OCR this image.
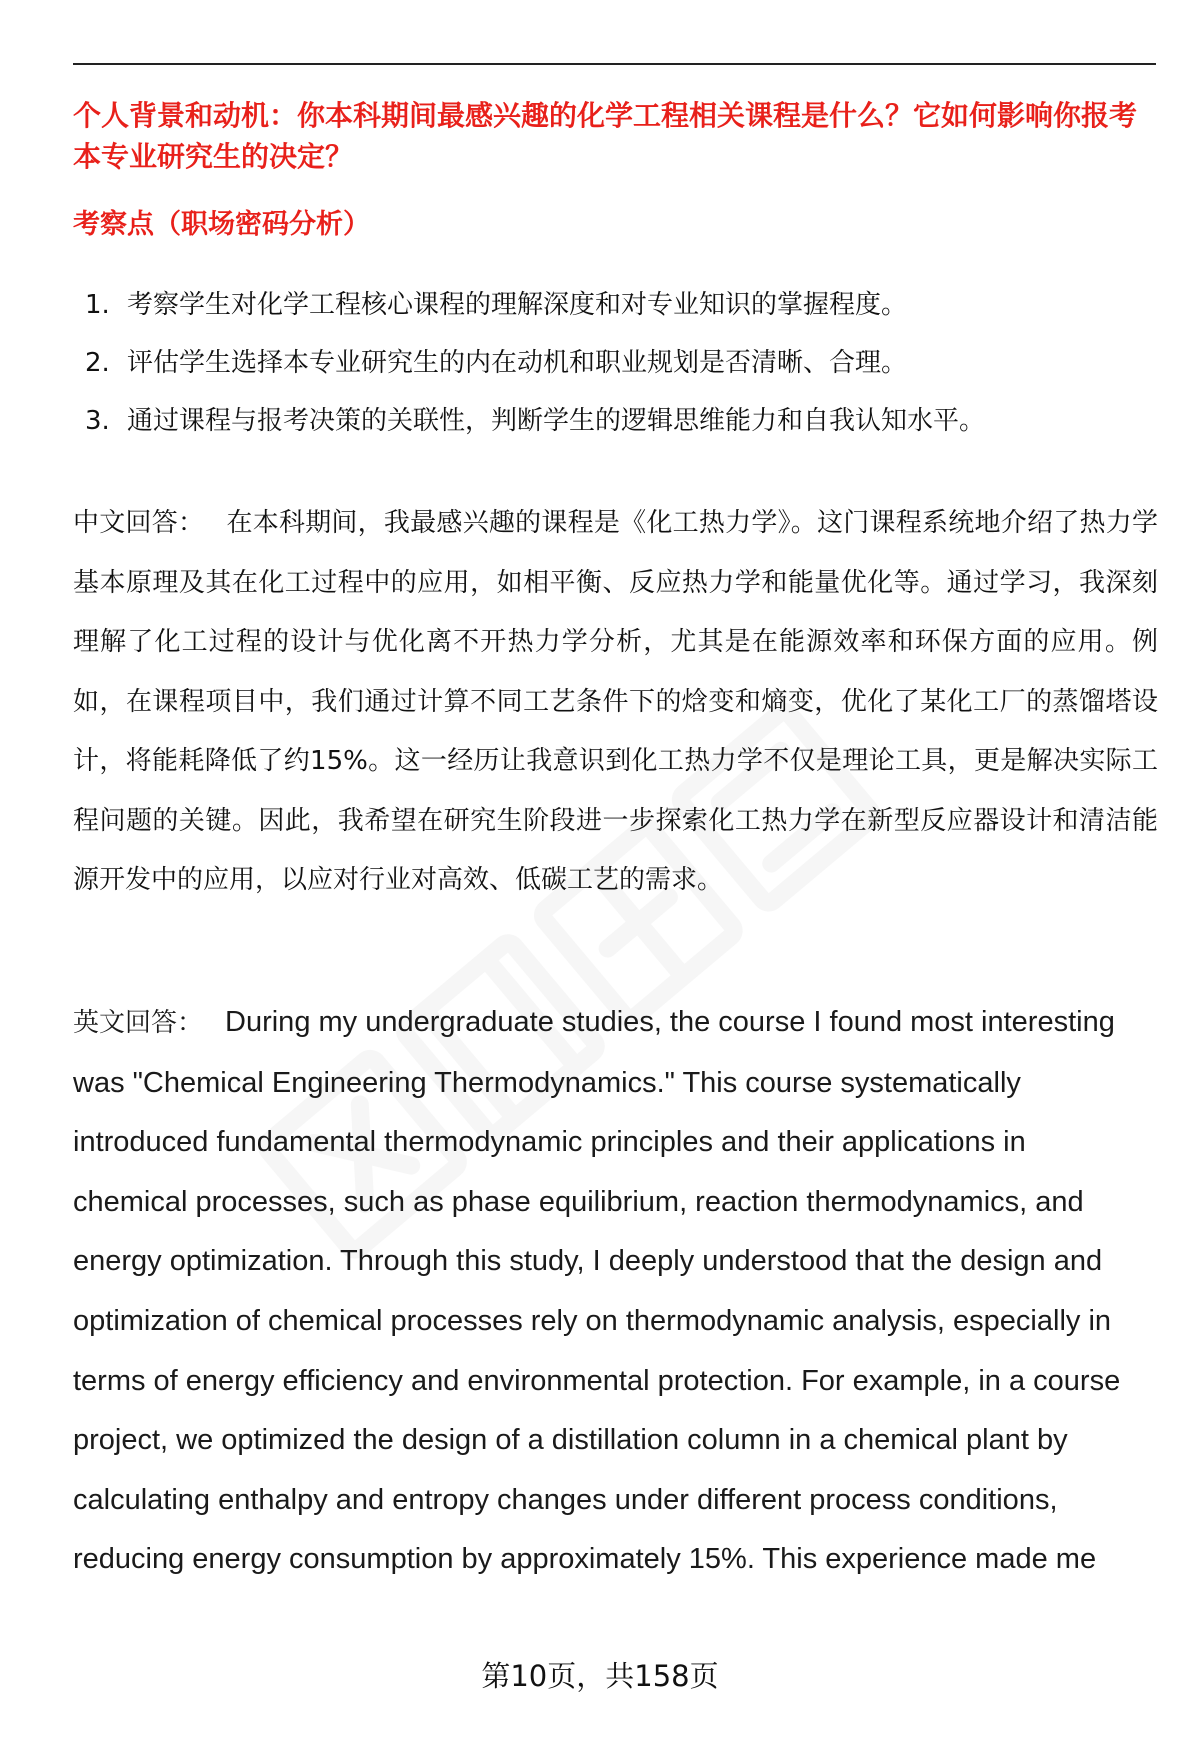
个人背景和动机：你本科期间最感兴趣的化学工程相关课程是什么？它如何影响你报考本专业研究生的决定？
考察点（职场密码分析）
1. 考察学生对化学工程核心课程的理解深度和对专业知识的掌握程度。
2. 评估学生选择本专业研究生的内在动机和职业规划是否清晰、合理。
3. 通过课程与报考决策的关联性，判断学生的逻辑思维能力和自我认知水平。

中文回答： 在本科期间，我最感兴趣的课程是《化工热力学》。这门课程系统地介绍了热力学基本原理及其在化工过程中的应用，如相平衡、反应热力学和能量优化等。通过学习，我深刻理解了化工过程的设计与优化离不开热力学分析，尤其是在能源效率和环保方面的应用。例如，在课程项目中，我们通过计算不同工艺条件下的焓变和熵变，优化了某化工厂的蒸馏塔设计，将能耗降低了约15%。这一经历让我意识到化工热力学不仅是理论工具，更是解决实际工程问题的关键。因此，我希望在研究生阶段进一步探索化工热力学在新型反应器设计和清洁能源开发中的应用，以应对行业对高效、低碳工艺的需求。

英文回答： During my undergraduate studies, the course I found most interesting was "Chemical Engineering Thermodynamics." This course systematically introduced fundamental thermodynamic principles and their applications in chemical processes, such as phase equilibrium, reaction thermodynamics, and energy optimization. Through this study, I deeply understood that the design and optimization of chemical processes rely on thermodynamic analysis, especially in terms of energy efficiency and environmental protection. For example, in a course project, we optimized the design of a distillation column in a chemical plant by calculating enthalpy and entropy changes under different process conditions, reducing energy consumption by approximately 15%. This experience made me

第10页，共158页
